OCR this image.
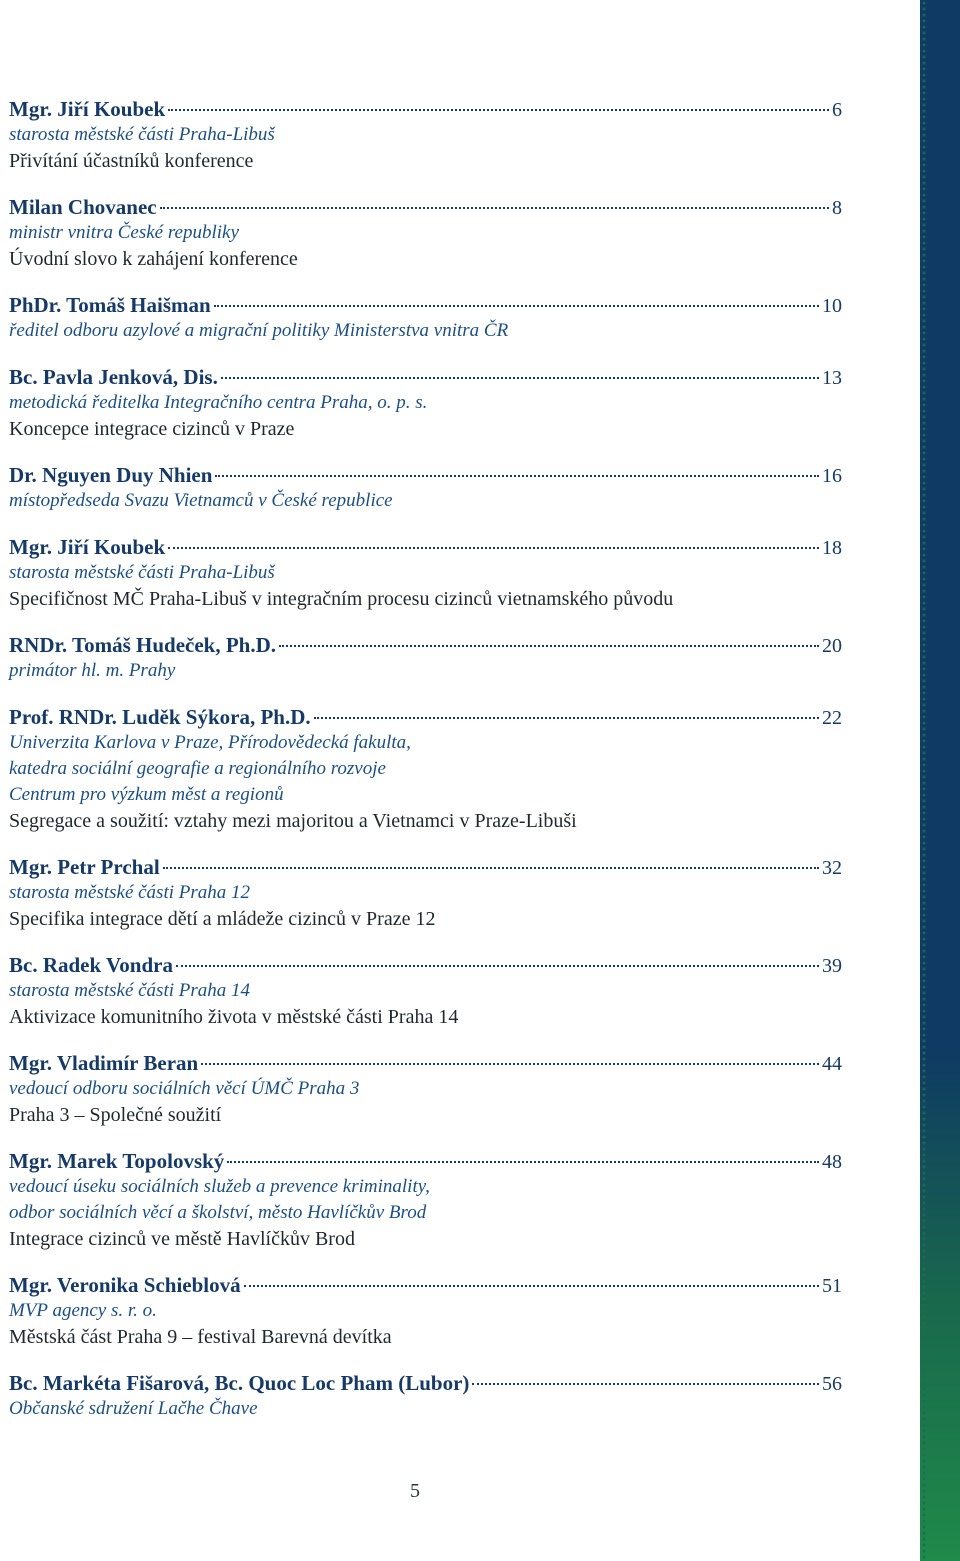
Mgr. Jiří Koubek	6
starosta městské části Praha-Libuš
Přivítání účastníků konference
Milan Chovanec	8
ministr vnitra České republiky
Úvodní slovo k zahájení konference
PhDr. Tomáš Haišman	10
ředitel odboru azylové a migrační politiky Ministerstva vnitra ČR
Bc. Pavla Jenková, Dis.	13
metodická ředitelka Integračního centra Praha, o. p. s.
Koncepce integrace cizinců v Praze
Dr. Nguyen Duy Nhien	16
místopředseda Svazu Vietnamců v České republice
Mgr. Jiří Koubek	18
starosta městské části Praha-Libuš
Specifičnost MČ Praha-Libuš v integračním procesu cizinců vietnamského původu
RNDr. Tomáš Hudeček, Ph.D.	20
primátor hl. m. Prahy
Prof. RNDr. Luděk Sýkora, Ph.D.	22
Univerzita Karlova v Praze, Přírodovědecká fakulta,
katedra sociální geografie a regionálního rozvoje
Centrum pro výzkum měst a regionů
Segregace a soužití: vztahy mezi majoritou a Vietnamci v Praze-Libuši
Mgr. Petr Prchal	32
starosta městské části Praha 12
Specifika integrace dětí a mládeže cizinců v Praze 12
Bc. Radek Vondra	39
starosta městské části Praha 14
Aktivizace komunitního života v městské části Praha 14
Mgr. Vladimír Beran	44
vedoucí odboru sociálních věcí ÚMČ Praha 3
Praha 3 – Společné soužití
Mgr. Marek Topolovský	48
vedoucí úseku sociálních služeb a prevence kriminality,
odbor sociálních věcí a školství, město Havlíčkův Brod
Integrace cizinců ve městě Havlíčkův Brod
Mgr. Veronika Schieblová	51
MVP agency s. r. o.
Městská část Praha 9 – festival Barevná devítka
Bc. Markéta Fišarová, Bc. Quoc Loc Pham (Lubor)	56
Občanské sdružení Lačhe Čhave
5
